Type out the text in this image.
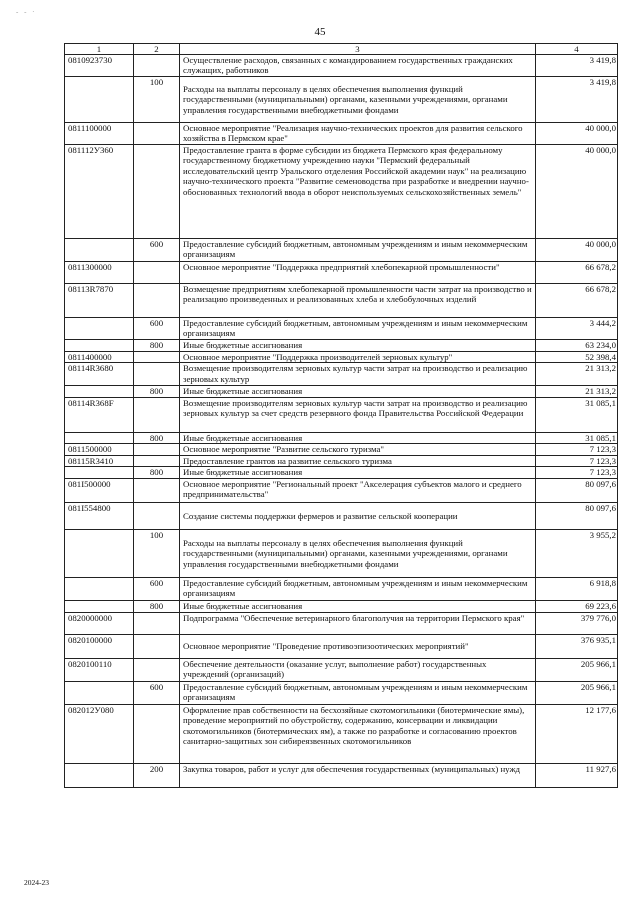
- - ·
45
1	2	3	4
0810923730		Осуществление расходов, связанных с командированием государственных гражданских служащих, работников	3 419,8
	100	Расходы на выплаты персоналу в целях обеспечения выполнения функций государственными (муниципальными) органами, казенными учреждениями, органами управления государственными внебюджетными фондами	3 419,8
0811100000		Основное мероприятие "Реализация научно-технических проектов для развития сельского хозяйства в Пермском крае"	40 000,0
081112У360		Предоставление гранта в форме субсидии из бюджета Пермского края федеральному государственному бюджетному учреждению науки "Пермский федеральный исследовательский центр Уральского отделения Российской академии наук" на реализацию научно-технического проекта "Развитие семеноводства при разработке и внедрении научно-обоснованных технологий ввода в оборот неиспользуемых сельскохозяйственных земель"	40 000,0
	600	Предоставление субсидий бюджетным, автономным учреждениям и иным некоммерческим организациям	40 000,0
0811300000		Основное мероприятие "Поддержка предприятий хлебопекарной промышленности"	66 678,2
08113R7870		Возмещение предприятиям хлебопекарной промышленности части затрат на производство и реализацию произведенных и реализованных хлеба и хлебобулочных изделий	66 678,2
	600	Предоставление субсидий бюджетным, автономным учреждениям и иным некоммерческим организациям	3 444,2
	800	Иные бюджетные ассигнования	63 234,0
0811400000		Основное мероприятие "Поддержка производителей зерновых культур"	52 398,4
08114R3680		Возмещение производителям зерновых культур части затрат на производство и реализацию зерновых культур	21 313,2
	800	Иные бюджетные ассигнования	21 313,2
08114R368F		Возмещение производителям зерновых культур части затрат на производство и реализацию зерновых культур за счет средств резервного фонда Правительства Российской Федерации	31 085,1
	800	Иные бюджетные ассигнования	31 085,1
0811500000		Основное мероприятие "Развитие сельского туризма"	7 123,3
08115R3410		Предоставление грантов на развитие сельского туризма	7 123,3
	800	Иные бюджетные ассигнования	7 123,3
081I500000		Основное мероприятие "Региональный проект "Акселерация субъектов малого и среднего предпринимательства"	80 097,6
081I554800		Создание системы поддержки фермеров и развитие сельской кооперации	80 097,6
	100	Расходы на выплаты персоналу в целях обеспечения выполнения функций государственными (муниципальными) органами, казенными учреждениями, органами управления государственными внебюджетными фондами	3 955,2
	600	Предоставление субсидий бюджетным, автономным учреждениям и иным некоммерческим организациям	6 918,8
	800	Иные бюджетные ассигнования	69 223,6
0820000000		Подпрограмма "Обеспечение ветеринарного благополучия на территории Пермского края"	379 776,0
0820100000		Основное мероприятие "Проведение противоэпизоотических мероприятий"	376 935,1
0820100110		Обеспечение деятельности (оказание услуг, выполнение работ) государственных учреждений (организаций)	205 966,1
	600	Предоставление субсидий бюджетным, автономным учреждениям и иным некоммерческим организациям	205 966,1
082012У080		Оформление прав собственности на бесхозяйные скотомогильники (биотермические ямы), проведение мероприятий по обустройству, содержанию, консервации и ликвидации скотомогильников (биотермических ям), а также по разработке и согласованию проектов санитарно-защитных зон сибиреязвенных скотомогильников	12 177,6
	200	Закупка товаров, работ и услуг для обеспечения государственных (муниципальных) нужд	11 927,6
2024-23
